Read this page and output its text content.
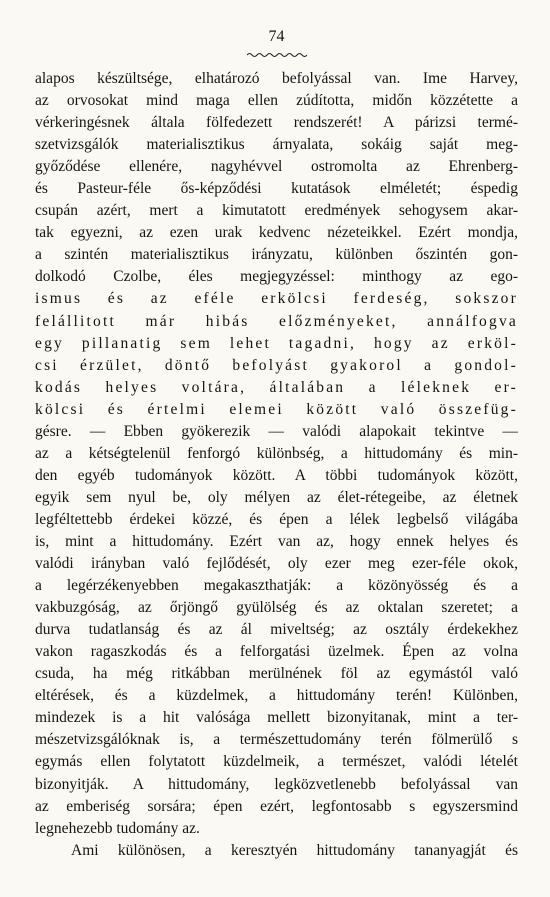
74
alapos készültsége, elhatározó befolyással van. Ime Harvey,
az orvosokat mind maga ellen zúdította, midőn közzétette a
vérkeringésnek általa fölfedezett rendszerét! A párizsi termé-
szetvizsgálók materialisztikus árnyalata, sokáig saját meg-
győződése ellenére, nagyhévvel ostromolta az Ehrenberg-
és Pasteur-féle ős-képződési kutatások elméletét; éspedig
csupán azért, mert a kimutatott eredmények sehogysem akar-
tak egyezni, az ezen urak kedvenc nézeteikkel. Ezért mondja,
a szintén materialisztikus irányzatu, különben őszintén gon-
dolkodó Czolbe, éles megjegyzéssel: minthogy az ego-
ismus és az eféle erkölcsi ferdeség, sokszor
felállitott már hibás előzményeket, annálfogva
egy pillanatig sem lehet tagadni, hogy az erköl-
csi érzület, döntő befolyást gyakorol a gondol-
kodás helyes voltára, általában a léleknek er-
kölcsi és értelmi elemei között való összefüg-
gésre. — Ebben gyökerezik — valódi alapokait tekintve —
az a kétségtelenül fenforgó különbség, a hittudomány és min-
den egyéb tudományok között. A többi tudományok között,
egyik sem nyul be, oly mélyen az élet-rétegeibe, az életnek
legféltettebb érdekei közzé, és épen a lélek legbelső világába
is, mint a hittudomány. Ezért van az, hogy ennek helyes és
valódi irányban való fejlődését, oly ezer meg ezer-féle okok,
a legérzékenyebben megakaszthatják: a közönyösség és a
vakbuzgóság, az őrjöngő gyülölség és az oktalan szeretet; a
durva tudatlanság és az ál miveltség; az osztály érdekekhez
vakon ragaszkodás és a felforgatási üzelmek. Épen az volna
csuda, ha még ritkábban merülnének föl az egymástól való
eltérések, és a küzdelmek, a hittudomány terén! Különben,
mindezek is a hit valósága mellett bizonyitanak, mint a ter-
mészetvizsgálóknak is, a természettudomány terén fölmerülő s
egymás ellen folytatott küzdelmeik, a természet, valódi lételét
bizonyitják. A hittudomány, legközvetlenebb befolyással van
az emberiség sorsára; épen ezért, legfontosabb s egyszersmind
legnehezebb tudomány az.
Ami különösen, a keresztyén hittudomány tananyagját és
